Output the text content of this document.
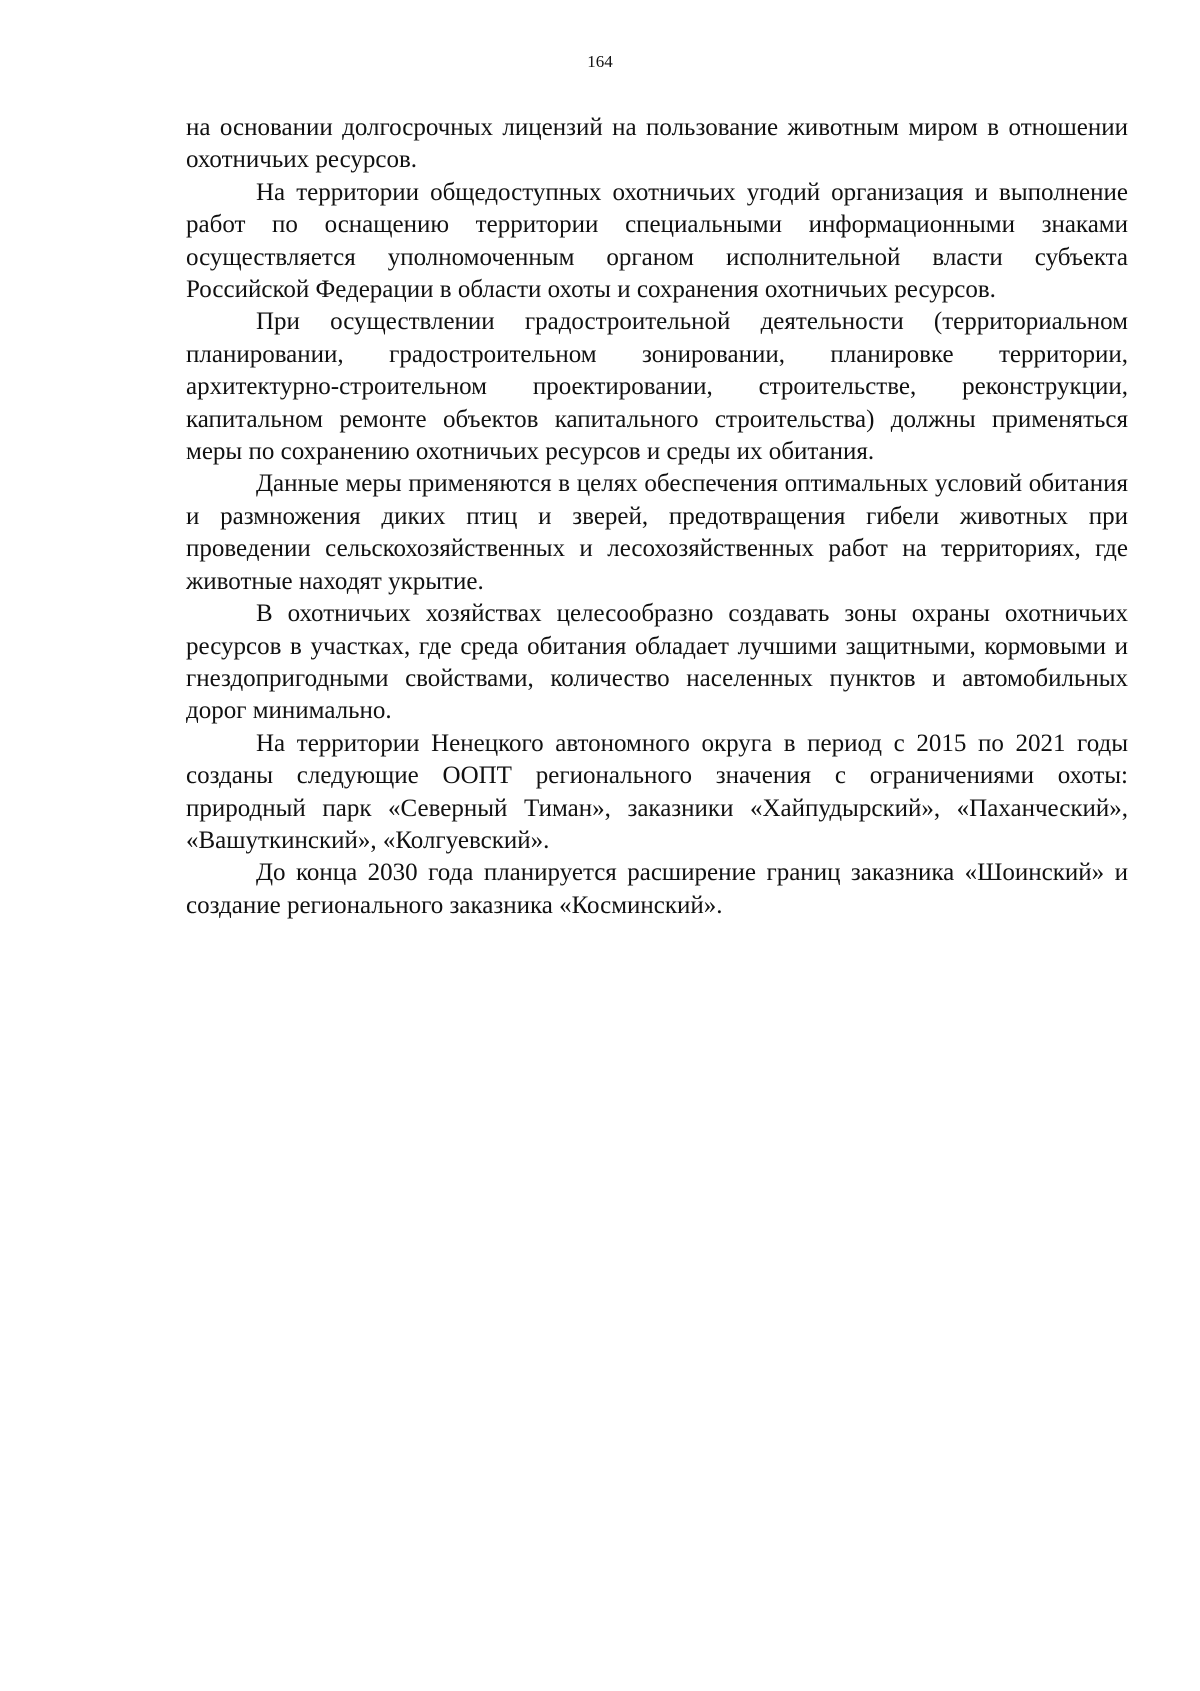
164

на основании долгосрочных лицензий на пользование животным миром в отношении охотничьих ресурсов.

На территории общедоступных охотничьих угодий организация и выполнение работ по оснащению территории специальными информационными знаками осуществляется уполномоченным органом исполнительной власти субъекта Российской Федерации в области охоты и сохранения охотничьих ресурсов.

При осуществлении градостроительной деятельности (территориальном планировании, градостроительном зонировании, планировке территории, архитектурно-строительном проектировании, строительстве, реконструкции, капитальном ремонте объектов капитального строительства) должны применяться меры по сохранению охотничьих ресурсов и среды их обитания.

Данные меры применяются в целях обеспечения оптимальных условий обитания и размножения диких птиц и зверей, предотвращения гибели животных при проведении сельскохозяйственных и лесохозяйственных работ на территориях, где животные находят укрытие.

В охотничьих хозяйствах целесообразно создавать зоны охраны охотничьих ресурсов в участках, где среда обитания обладает лучшими защитными, кормовыми и гнездопригодными свойствами, количество населенных пунктов и автомобильных дорог минимально.

На территории Ненецкого автономного округа в период с 2015 по 2021 годы созданы следующие ООПТ регионального значения с ограничениями охоты: природный парк «Северный Тиман», заказники «Хайпудырский», «Паханческий», «Вашуткинский», «Колгуевский».

До конца 2030 года планируется расширение границ заказника «Шоинский» и создание регионального заказника «Косминский».
